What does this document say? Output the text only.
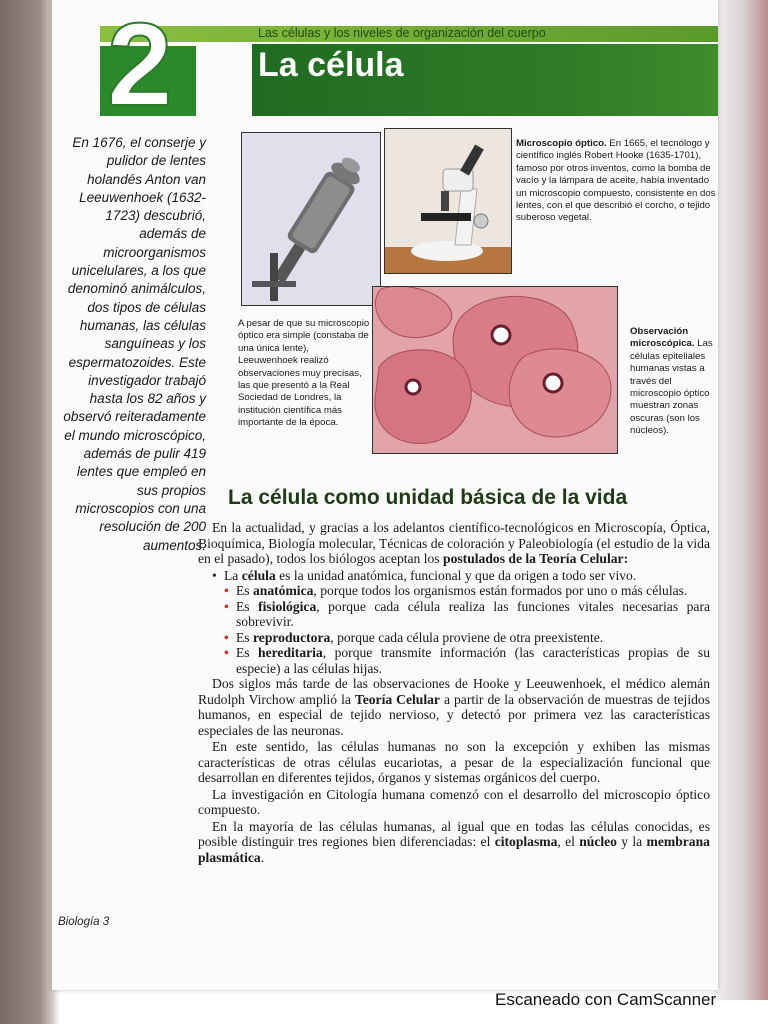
Las células y los niveles de organización del cuerpo
2	La célula
En 1676, el conserje y pulidor de lentes holandés Anton van Leeuwenhoek (1632-1723) descubrió, además de microorganismos unicelulares, a los que denominó animálculos, dos tipos de células humanas, las células sanguíneas y los espermatozoides. Este investigador trabajó hasta los 82 años y observó reiteradamente el mundo microscópico, además de pulir 419 lentes que empleó en sus propios microscopios con una resolución de 200 aumentos.
A pesar de que su microscopio óptico era simple (constaba de una única lente), Leeuwenhoek realizó observaciones muy precisas, las que presentó a la Real Sociedad de Londres, la institución científica más importante de la época.
Microscopio óptico. En 1665, el tecnólogo y científico inglés Robert Hooke (1635-1701), famoso por otros inventos, como la bomba de vacío y la lámpara de aceite, había inventado un microscopio compuesto, consistente en dos lentes, con el que describió el corcho, o tejido suberoso vegetal.
Observación microscópica. Las células epiteliales humanas vistas a través del microscopio óptico muestran zonas oscuras (son los núcleos).
La célula como unidad básica de la vida

En la actualidad, y gracias a los adelantos científico-tecnológicos en Microscopía, Óptica, Bioquímica, Biología molecular, Técnicas de coloración y Paleobiología (el estudio de la vida en el pasado), todos los biólogos aceptan los postulados de la Teoría Celular:

• La célula es la unidad anatómica, funcional y que da origen a todo ser vivo.
• Es anatómica, porque todos los organismos están formados por uno o más células.
• Es fisiológica, porque cada célula realiza las funciones vitales necesarias para sobrevivir.
• Es reproductora, porque cada célula proviene de otra preexistente.
• Es hereditaria, porque transmite información (las características propias de su especie) a las células hijas.

Dos siglos más tarde de las observaciones de Hooke y Leeuwenhoek, el médico alemán Rudolph Virchow amplió la Teoría Celular a partir de la observación de muestras de tejidos humanos, en especial de tejido nervioso, y detectó por primera vez las características especiales de las neuronas.

En este sentido, las células humanas no son la excepción y exhiben las mismas características de otras células eucariotas, a pesar de la especialización funcional que desarrollan en diferentes tejidos, órganos y sistemas orgánicos del cuerpo.

La investigación en Citología humana comenzó con el desarrollo del microscopio óptico compuesto.

En la mayoría de las células humanas, al igual que en todas las células conocidas, es posible distinguir tres regiones bien diferenciadas: el citoplasma, el núcleo y la membrana plasmática.

Biología 3
Escaneado con CamScanner
